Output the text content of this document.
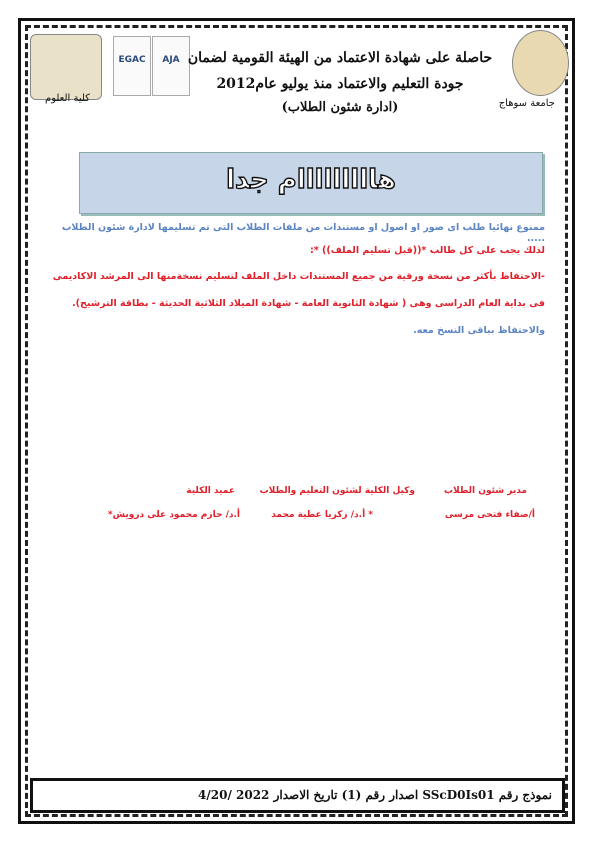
EGAC	AJA حاصلة على شهادة الاعتماد من الهيئة القومية لضمان
جودة التعليم والاعتماد منذ يوليو عام2012
(ادارة شئون الطلاب)	جامعة سوهاج
كلية العلوم
هااااااااام جدا
ممنوع نهائيا طلب اى صور او اصول او مستندات من ملفات الطلاب التى تم تسليمها لادارة شئون الطلاب .....
لذلك يجب على كل طالب *((قبل تسليم الملف)) *:
-الاحتفاظ بأكثر من نسخة ورقية من جميع المستندات داخل الملف لتسليم نسخةمنها الى المرشد الاكاديمى
فى بداية العام الدراسى وهى ( شهادة الثانوية العامة - شهادة الميلاد الثلاثية الحديثة - بطاقة الترشيح).
والاحتفاظ بباقى النسخ معه.
مدير شئون الطلاب
وكيل الكلية لشئون التعليم والطلاب
عميد الكلية
أ/صفاء فتحى مرسى
* أ.د/ زكريا عطية محمد
أ.د/ حازم محمود على درويش*
نموذج رقم SScD0Is01 اصدار رقم (1) تاريخ الاصدار 2022 /4/20
